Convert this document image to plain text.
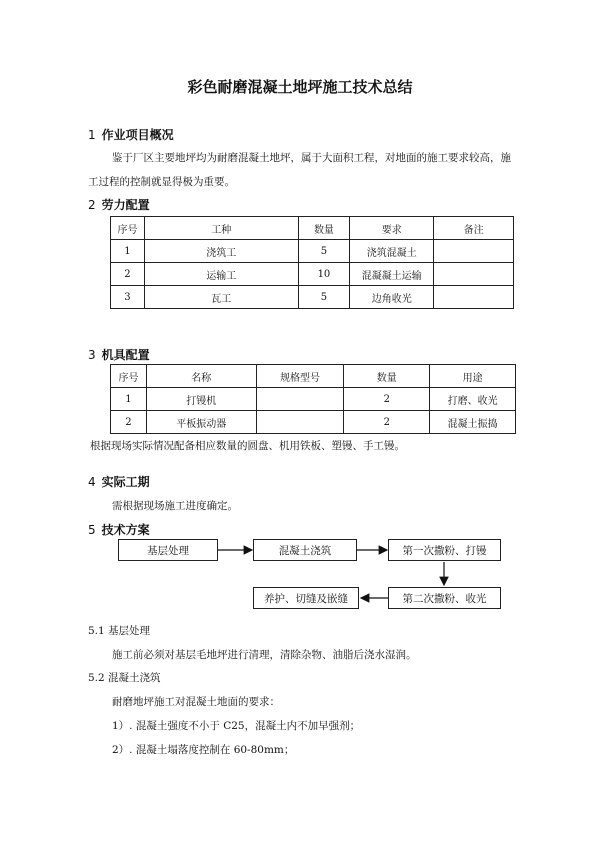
彩色耐磨混凝土地坪施工技术总结
1 作业项目概况
鉴于厂区主要地坪均为耐磨混凝土地坪，属于大面积工程，对地面的施工要求较高，施
工过程的控制就显得极为重要。
2 劳力配置
序号	工种	数量	要求	备注
1	浇筑工	5	浇筑混凝土	
2	运输工	10	混凝凝土运输	
3	瓦工	5	边角收光	
3 机具配置
序号	名称	规格型号	数量	用途
1	打镘机		2	打磨、收光
2	平板振动器		2	混凝土振捣
根据现场实际情况配备相应数量的圆盘、机用铁板、塑镘、手工镘。
4 实际工期
需根据现场施工进度确定。
5 技术方案
基层处理	混凝土浇筑	第一次撒粉、打镘
第二次撒粉、收光
养护、切缝及嵌缝
5.1 基层处理
施工前必须对基层毛地坪进行清理，清除杂物、油脂后浇水湿润。
5.2 混凝土浇筑
耐磨地坪施工对混凝土地面的要求：
1）. 混凝土强度不小于 C25，混凝土内不加早强剂；
2）. 混凝土塌落度控制在 60-80mm；
